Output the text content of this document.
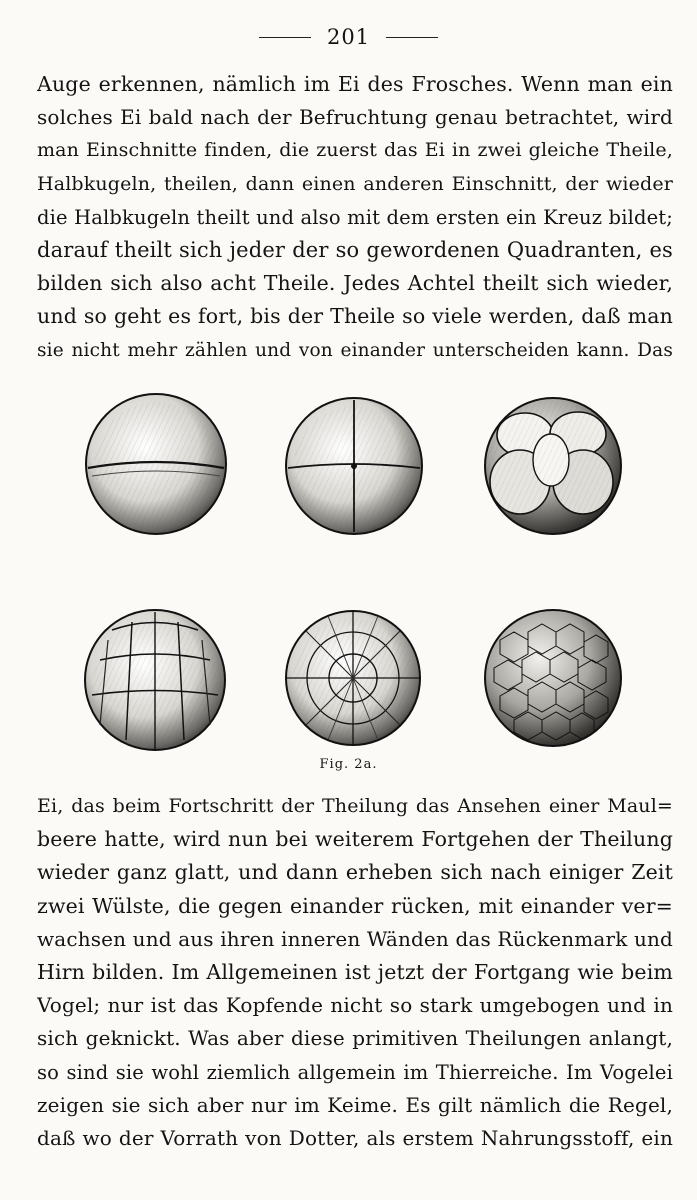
201
Auge erkennen, nämlich im Ei des Frosches. Wenn man ein
solches Ei bald nach der Befruchtung genau betrachtet, wird
man Einschnitte finden, die zuerst das Ei in zwei gleiche Theile,
Halbkugeln, theilen, dann einen anderen Einschnitt, der wieder
die Halbkugeln theilt und also mit dem ersten ein Kreuz bildet;
darauf theilt sich jeder der so gewordenen Quadranten, es
bilden sich also acht Theile. Jedes Achtel theilt sich wieder,
und so geht es fort, bis der Theile so viele werden, daß man
sie nicht mehr zählen und von einander unterscheiden kann. Das
Fig. 2a.
Ei, das beim Fortschritt der Theilung das Ansehen einer Maul=
beere hatte, wird nun bei weiterem Fortgehen der Theilung
wieder ganz glatt, und dann erheben sich nach einiger Zeit
zwei Wülste, die gegen einander rücken, mit einander ver=
wachsen und aus ihren inneren Wänden das Rückenmark und
Hirn bilden. Im Allgemeinen ist jetzt der Fortgang wie beim
Vogel; nur ist das Kopfende nicht so stark umgebogen und in
sich geknickt. Was aber diese primitiven Theilungen anlangt,
so sind sie wohl ziemlich allgemein im Thierreiche. Im Vogelei
zeigen sie sich aber nur im Keime. Es gilt nämlich die Regel,
daß wo der Vorrath von Dotter, als erstem Nahrungsstoff, ein
